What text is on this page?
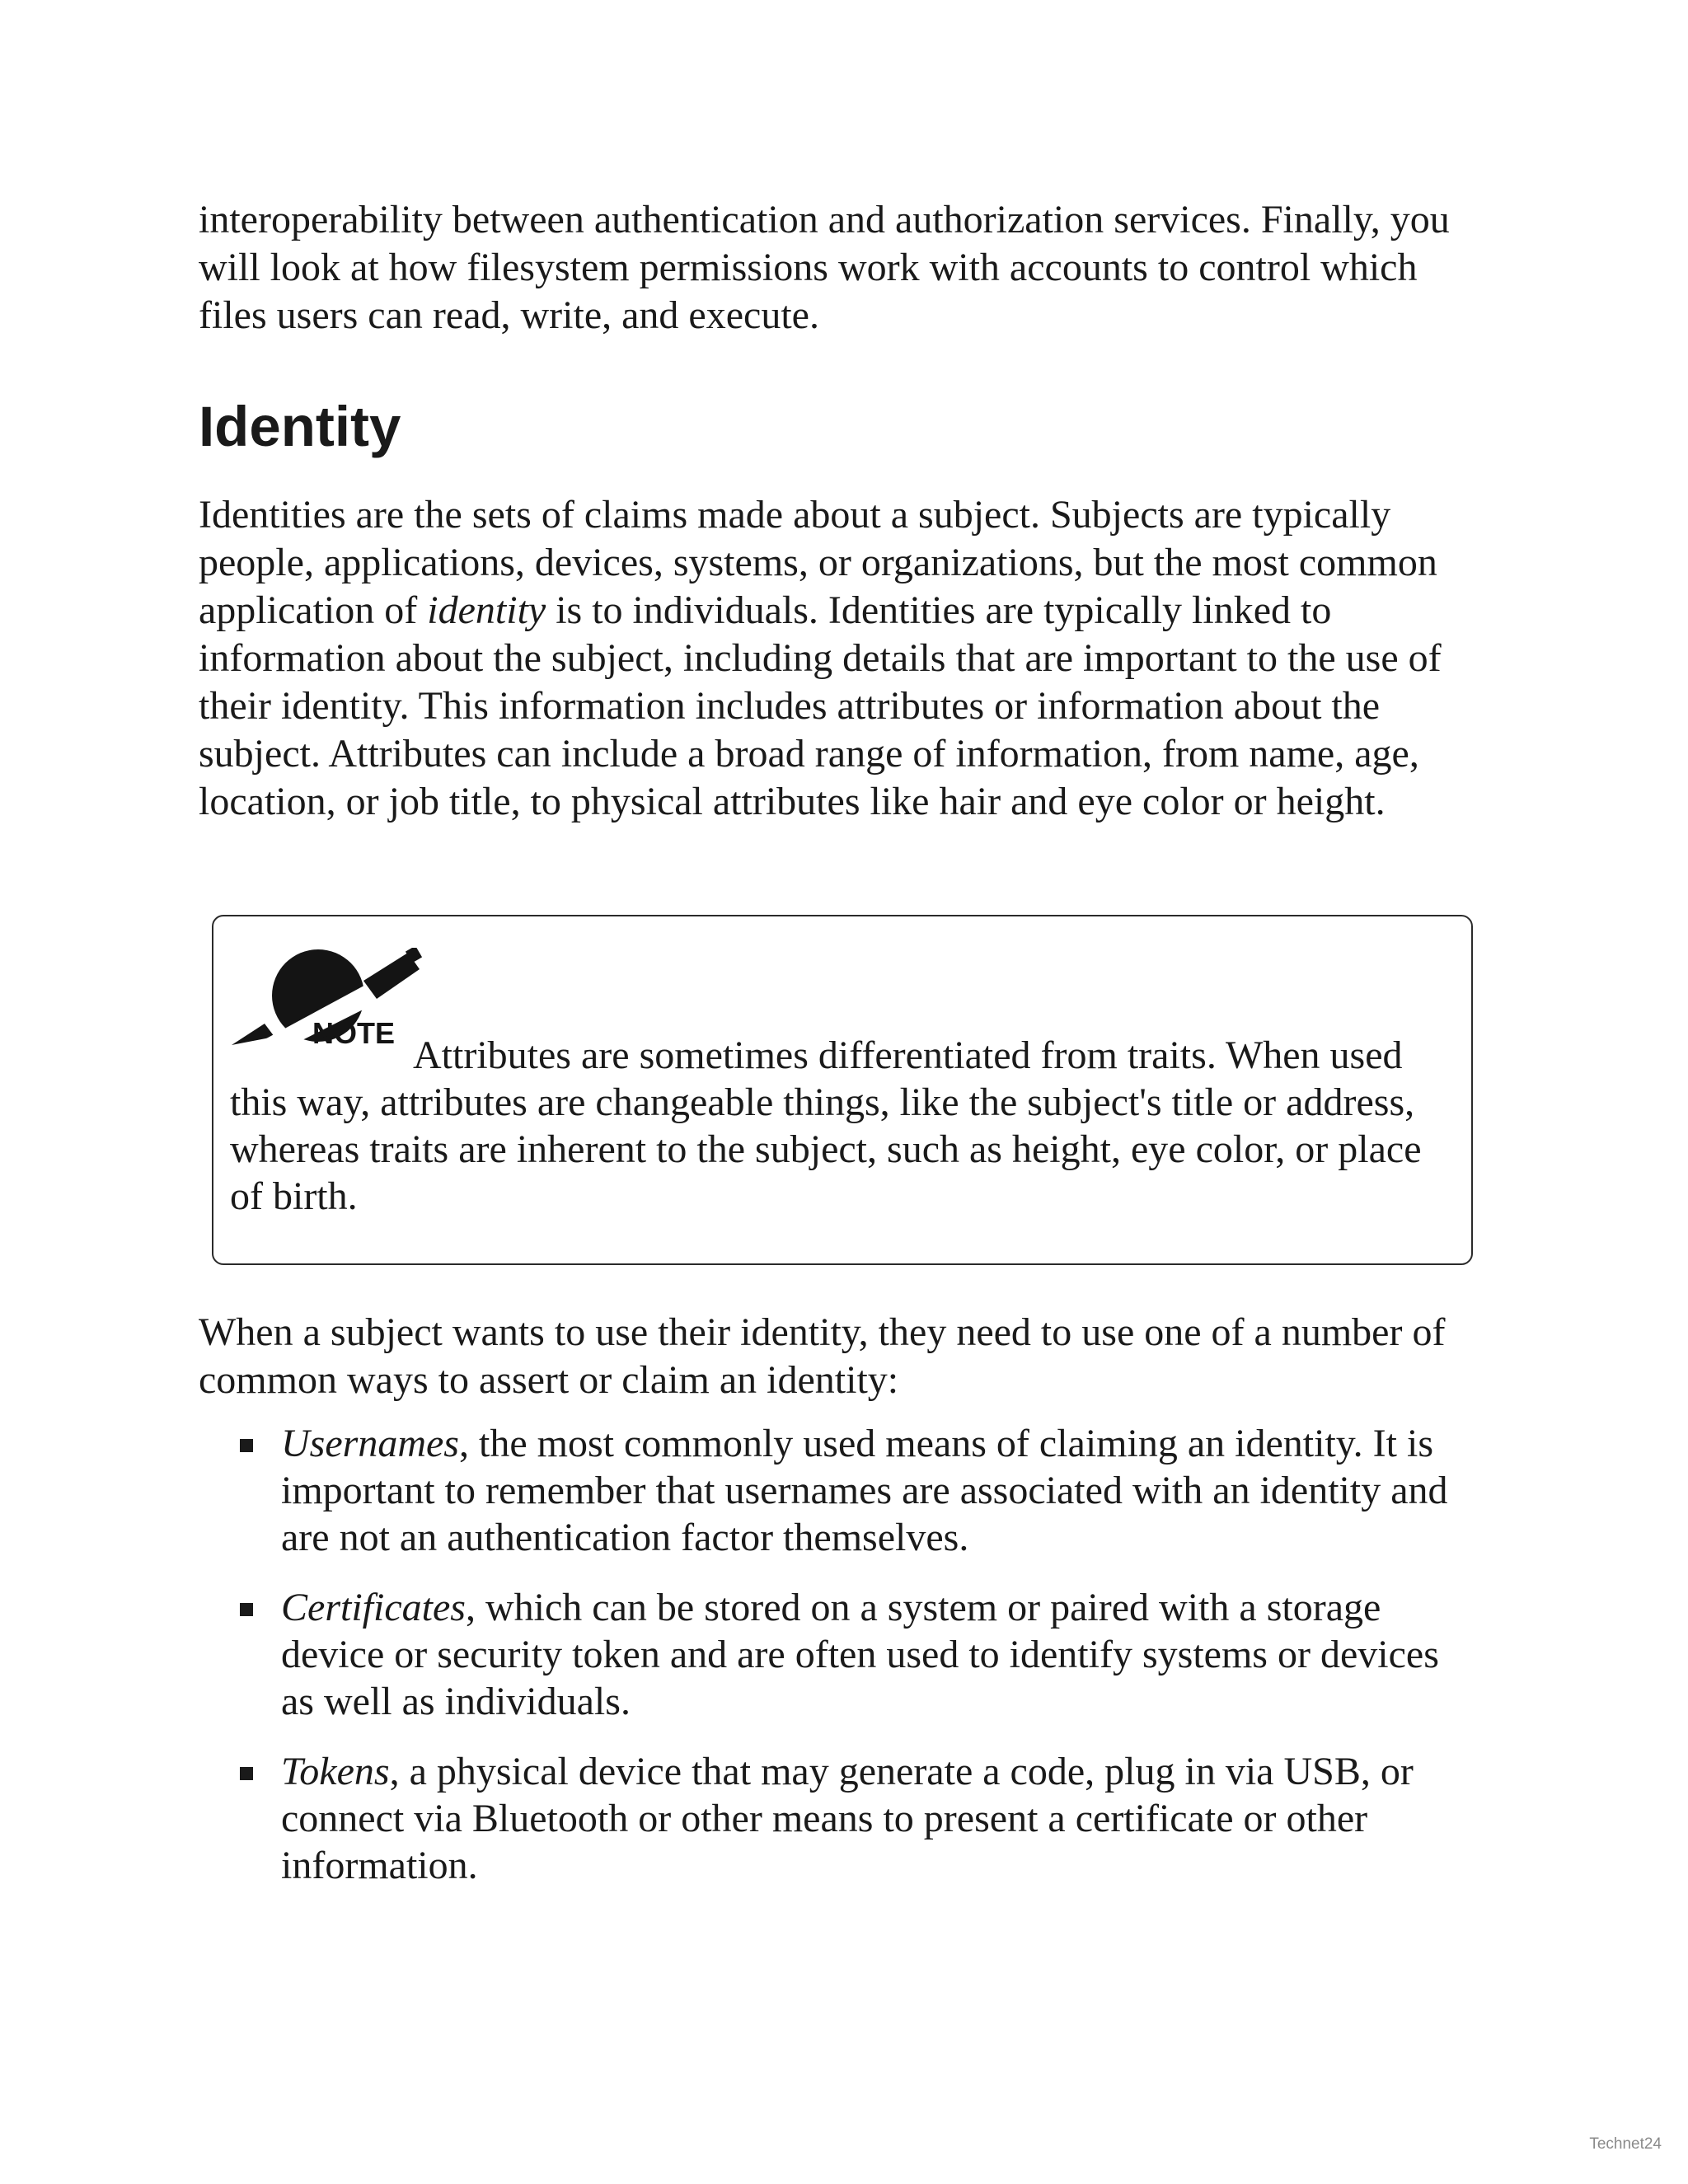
interoperability between authentication and authorization services. Finally, you will look at how filesystem permissions work with accounts to control which files users can read, write, and execute.

Identity

Identities are the sets of claims made about a subject. Subjects are typically people, applications, devices, systems, or organizations, but the most common application of identity is to individuals. Identities are typically linked to information about the subject, including details that are important to the use of their identity. This information includes attributes or information about the subject. Attributes can include a broad range of information, from name, age, location, or job title, to physical attributes like hair and eye color or height.

NOTE

Attributes are sometimes differentiated from traits. When used this way, attributes are changeable things, like the subject's title or address, whereas traits are inherent to the subject, such as height, eye color, or place of birth.

When a subject wants to use their identity, they need to use one of a number of common ways to assert or claim an identity:

Usernames, the most commonly used means of claiming an identity. It is important to remember that usernames are associated with an identity and are not an authentication factor themselves.
Certificates, which can be stored on a system or paired with a storage device or security token and are often used to identify systems or devices as well as individuals.
Tokens, a physical device that may generate a code, plug in via USB, or connect via Bluetooth or other means to present a certificate or other information.
Technet24
